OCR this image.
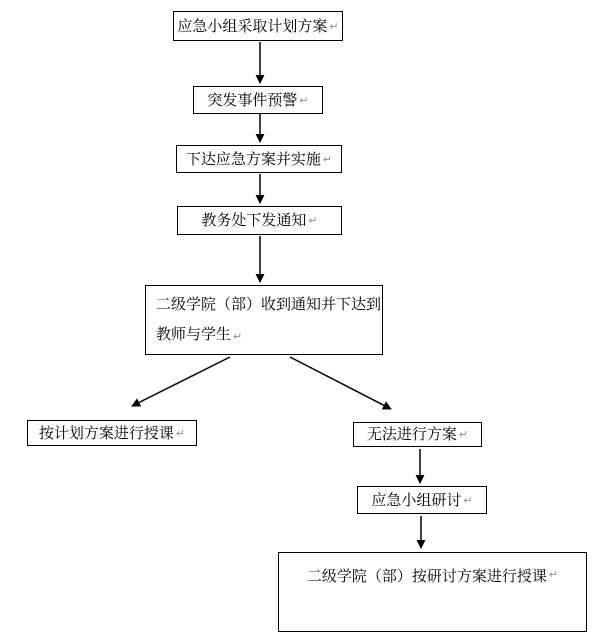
应急小组采取计划方案 ↵
突发事件预警 ↵
下达应急方案并实施 ↵
教务处下发通知 ↵
二级学院（部）收到通知并下达到
教师与学生 ↵
按计划方案进行授课 ↵	无法进行方案 ↵
应急小组研讨 ↵
二级学院（部）按研讨方案进行授课 ↵
